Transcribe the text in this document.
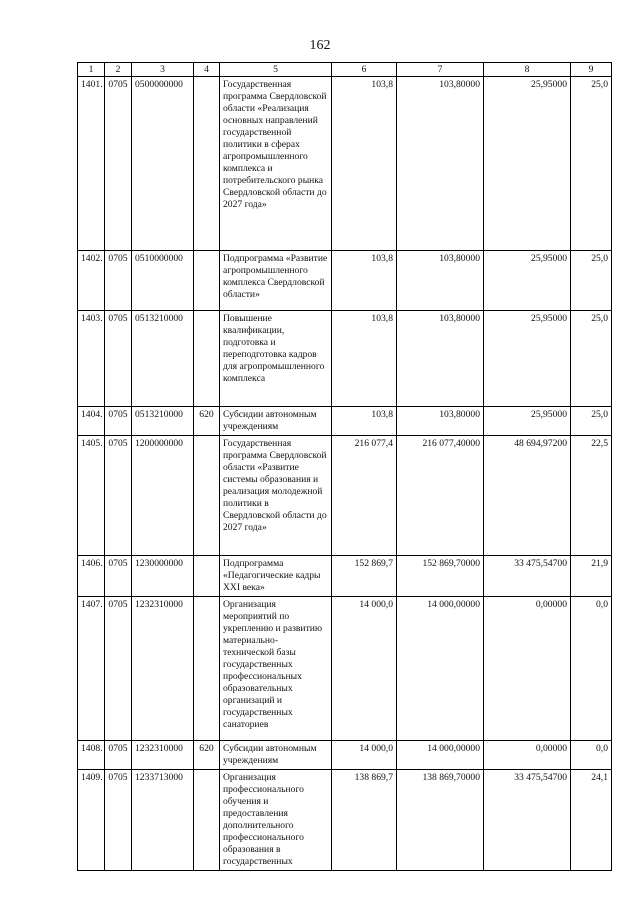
162
1	2	3	4	5	6	7	8	9
1401.	0705	0500000000		Государственная программа Свердловской области «Реализация основных направлений государственной политики в сферах агропромышленного комплекса и потребительского рынка Свердловской области до 2027 года»	103,8	103,80000	25,95000	25,0
1402.	0705	0510000000		Подпрограмма «Развитие агропромышленного комплекса Свердловской области»	103,8	103,80000	25,95000	25,0
1403.	0705	0513210000		Повышение квалификации, подготовка и переподготовка кадров для агропромышленного комплекса	103,8	103,80000	25,95000	25,0
1404.	0705	0513210000	620	Субсидии автономным учреждениям	103,8	103,80000	25,95000	25,0
1405.	0705	1200000000		Государственная программа Свердловской области «Развитие системы образования и реализация молодежной политики в Свердловской области до 2027 года»	216 077,4	216 077,40000	48 694,97200	22,5
1406.	0705	1230000000		Подпрограмма «Педагогические кадры XXI века»	152 869,7	152 869,70000	33 475,54700	21,9
1407.	0705	1232310000		Организация мероприятий по укреплению и развитию материально-технической базы государственных профессиональных образовательных организаций и государственных санаториев	14 000,0	14 000,00000	0,00000	0,0
1408.	0705	1232310000	620	Субсидии автономным учреждениям	14 000,0	14 000,00000	0,00000	0,0
1409.	0705	1233713000		Организация профессионального обучения и предоставления дополнительного профессионального образования в государственных	138 869,7	138 869,70000	33 475,54700	24,1
